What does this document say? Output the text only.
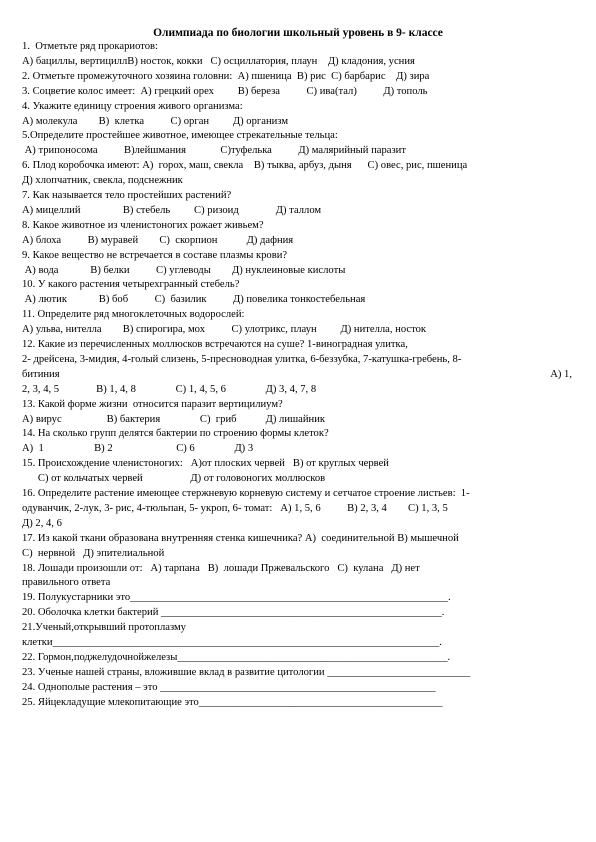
Олимпиада по биологии школьный уровень в 9- классе
1.  Отметьте ряд прокариотов:
А) бациллы, вертициллВ) носток, кокки   С) осциллатория, плаун    Д) кладония, усния
2. Отметьте промежуточного хозяина головни:  А) пшеница  В) рис  С) барбарис    Д) зира
3. Соцветие колос имеет:  А) грецкий орех         В) береза          С) ива(тал)          Д) тополь
4. Укажите единицу строения живого организма:
А) молекула        В)  клетка          С) орган         Д) организм
5.Определите простейшее животное, имеющее стрекательные тельца:
А) трипоносома          В)лейшмания             С)туфелька          Д) малярийный паразит
6. Плод коробочка имеют: А)  горох, маш, свекла    В) тыква, арбуз, дыня      С) овес, рис, пшеница
Д) хлопчатник, свекла, подснежник
7. Как называется тело простейших растений?
А) мицеллий                В) стебель         С) ризоид              Д) таллом
8. Какое животное из членистоногих рожает живьем?
А) блоха          В) муравей        С)  скорпион           Д) дафния
9. Какое вещество не встречается в составе плазмы крови?
А) вода            В) белки          С) углеводы        Д) нуклеиновые кислоты
10. У какого растения четырехгранный стебель?
А) лютик            В) боб          С)  базилик          Д) повелика тонкостебельная
11. Определите ряд многоклеточных водорослей:
А) ульва, нителла        В) спирогира, мох          С) улотрикс, плаун         Д) нителла, носток
12. Какие из перечисленных моллюсков встречаются на суше? 1-виноградная улитка,
2- дрейсена, 3-мидия, 4-голый слизень, 5-пресноводная улитка, 6-беззубка, 7-катушка-гребень, 8-
битиния	А) 1,
2, 3, 4, 5              В) 1, 4, 8               С) 1, 4, 5, 6               Д) 3, 4, 7, 8
13. Какой форме жизни  относится паразит вертицилиум?
А) вирус                 В) бактерия               С)  гриб           Д) лишайник
14. На сколько групп делятся бактерии по строению формы клеток?
А)  1                   В) 2                        С) 6               Д) 3
15. Происхождение членистоногих:   А)от плоских червей   В) от круглых червей
С) от кольчатых червей                  Д) от головоногих моллюсков
16. Определите растение имеющее стержневую корневую систему и сетчатое строение листьев:  1-
одуванчик, 2-лук, 3- рис, 4-тюльпан, 5- укроп, 6- томат:   А) 1, 5, 6          В) 2, 3, 4        С) 1, 3, 5
Д) 2, 4, 6
17. Из какой ткани образована внутренняя стенка кишечника? А)  соединительной В) мышечной
С)  нервной   Д) эпителиальной
18. Лошади произошли от:   А) тарпана   В)  лошади Пржевальского   С)  кулана   Д) нет
правильного ответа
19. Полукустарники это____________________________________________________________.
20. Оболочка клетки бактерий _____________________________________________________.
21.Ученый,открывший протоплазму
клетки_________________________________________________________________________.
22. Гормон,поджелудочнойжелезы___________________________________________________.
23. Ученые нашей страны, вложившие вклад в развитие цитологии ___________________________
24. Однополые растения – это ____________________________________________________
25. Яйцекладущие млекопитающие это______________________________________________
